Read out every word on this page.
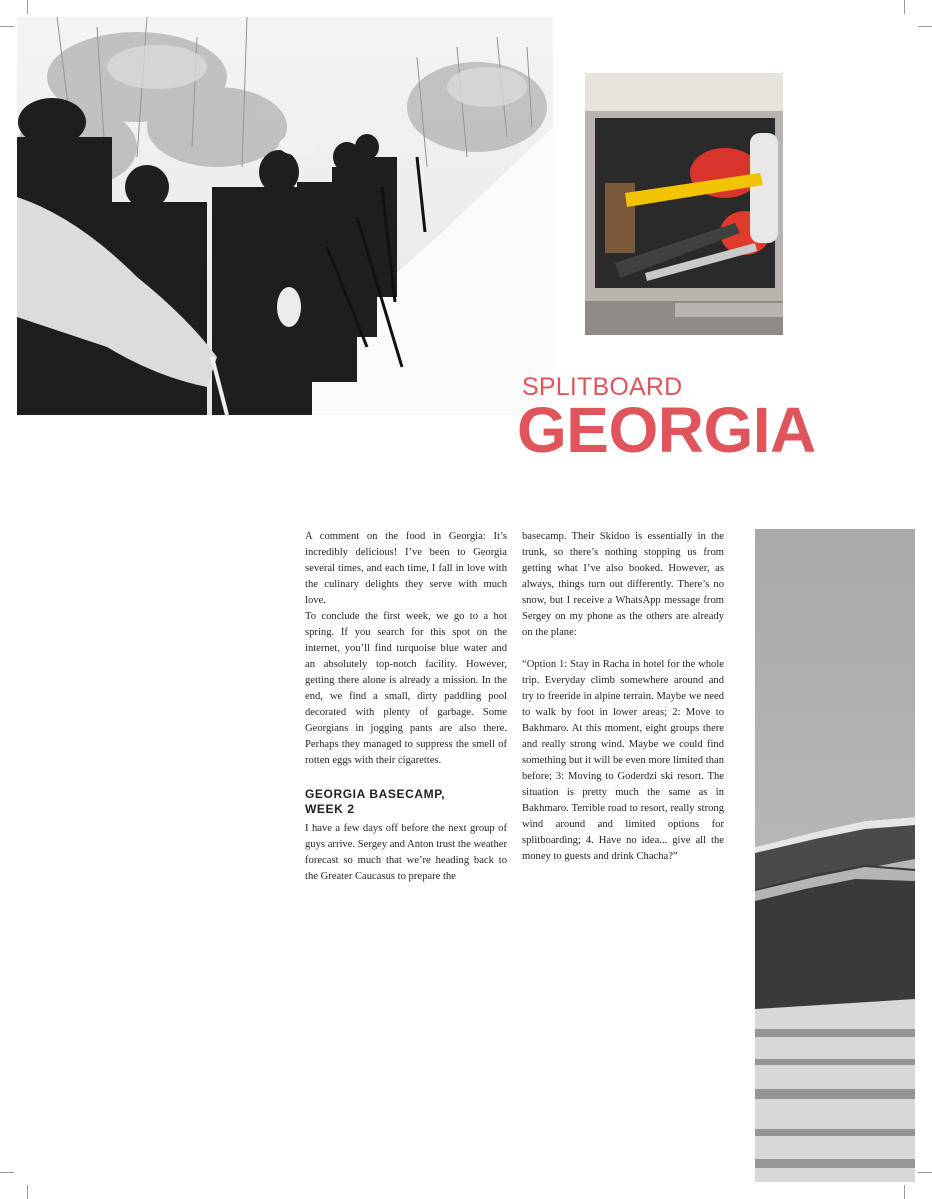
SPLITBOARD
GEORGIA

A comment on the food in Georgia: It’s incredibly delicious! I’ve been to Georgia several times, and each time, I fall in love with the culinary delights they serve with much love.

To conclude the first week, we go to a hot spring. If you search for this spot on the internet, you’ll find turquoise blue water and an absolutely top-notch facility. However, getting there alone is already a mission. In the end, we find a small, dirty paddling pool decorated with plenty of garbage. Some Georgians in jogging pants are also there. Perhaps they managed to suppress the smell of rotten eggs with their cigarettes.

GEORGIA BASECAMP,
WEEK 2

I have a few days off before the next group of guys arrive. Sergey and Anton trust the weather forecast so much that we’re heading back to the Greater Caucasus to prepare the

basecamp. Their Skidoo is essentially in the trunk, so there’s nothing stopping us from getting what I’ve also booked. However, as always, things turn out differently. There’s no snow, but I receive a WhatsApp message from Sergey on my phone as the others are already on the plane:

“Option 1: Stay in Racha in hotel for the whole trip. Everyday climb somewhere around and try to freeride in alpine terrain. Maybe we need to walk by foot in lower areas; 2: Move to Bakhmaro. At this moment, eight groups there and really strong wind. Maybe we could find something but it will be even more limited than before; 3: Moving to Goderdzi ski resort. The situation is pretty much the same as in Bakhmaro. Terrible road to resort, really strong wind around and limited options for splitboarding; 4. Have no idea... give all the money to guests and drink Chacha?”
